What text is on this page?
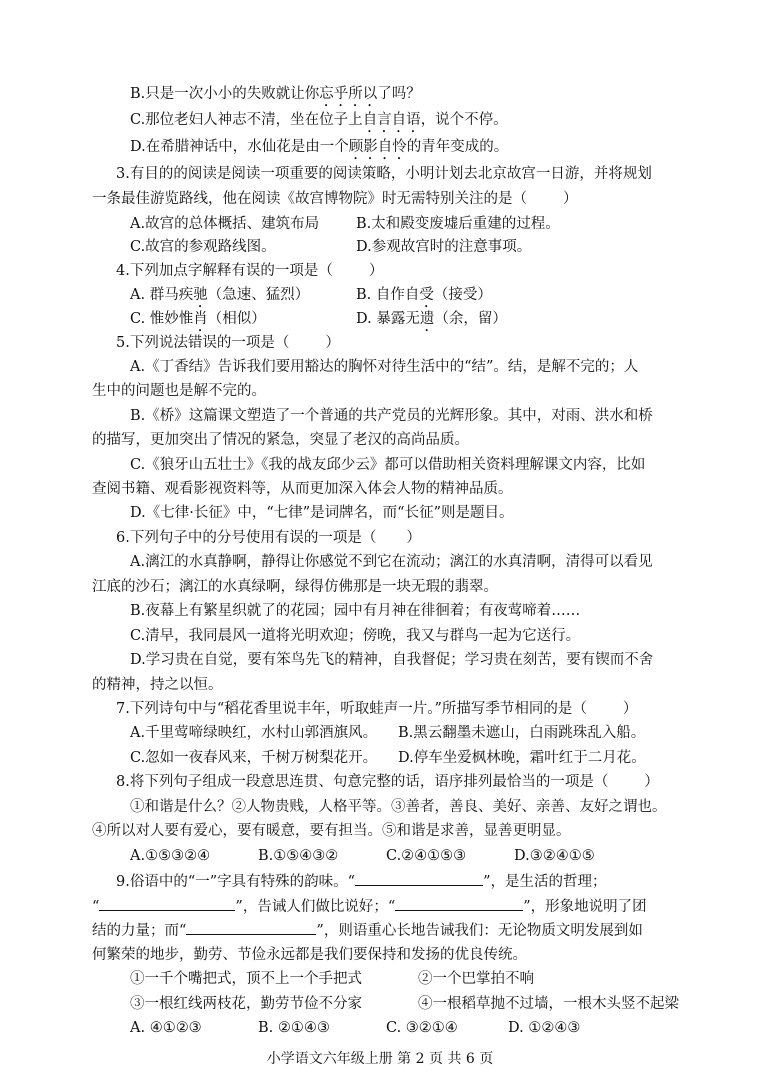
B.只是一次小小的失败就让你忘乎所以了吗？
C.那位老妇人神志不清，坐在位子上自言自语，说个不停。
D.在希腊神话中，水仙花是由一个顾影自怜的青年变成的。
3.有目的的阅读是阅读一项重要的阅读策略，小明计划去北京故宫一日游，并将规划
一条最佳游览路线，他在阅读《故宫博物院》时无需特别关注的是（ ）
A.故宫的总体概括、建筑布局	B.太和殿变废墟后重建的过程。
C.故宫的参观路线图。	D.参观故宫时的注意事项。
4.下列加点字解释有误的一项是（ ）
A. 群马疾驰（急速、猛烈）	B. 自作自受（接受）
C. 惟妙惟肖（相似）	D. 暴露无遗（余，留）
5.下列说法错误的一项是（ ）
A.《丁香结》告诉我们要用豁达的胸怀对待生活中的“结”。结，是解不完的；人
生中的问题也是解不完的。
B.《桥》这篇课文塑造了一个普通的共产党员的光辉形象。其中，对雨、洪水和桥
的描写，更加突出了情况的紧急，突显了老汉的高尚品质。
C.《狼牙山五壮士》《我的战友邱少云》都可以借助相关资料理解课文内容，比如
查阅书籍、观看影视资料等，从而更加深入体会人物的精神品质。
D.《七律·长征》中，“七律”是词牌名，而“长征”则是题目。
6.下列句子中的分号使用有误的一项是（ ）
A.漓江的水真静啊，静得让你感觉不到它在流动；漓江的水真清啊，清得可以看见
江底的沙石；漓江的水真绿啊，绿得仿佛那是一块无瑕的翡翠。
B.夜幕上有繁星织就了的花园；园中有月神在徘徊着；有夜莺啼着……
C.清早，我同晨风一道将光明欢迎；傍晚，我又与群鸟一起为它送行。
D.学习贵在自觉，要有笨鸟先飞的精神，自我督促；学习贵在刻苦，要有锲而不舍
的精神，持之以恒。
7.下列诗句中与“稻花香里说丰年，听取蛙声一片。”所描写季节相同的是（ ）
A.千里莺啼绿映红，水村山郭酒旗风。 B.黑云翻墨未遮山，白雨跳珠乱入船。
C.忽如一夜春风来，千树万树梨花开。 D.停车坐爱枫林晚，霜叶红于二月花。
8.将下列句子组成一段意思连贯、句意完整的话，语序排列最恰当的一项是（ ）
①和谐是什么？②人物贵贱，人格平等。③善者，善良、美好、亲善、友好之谓也。
④所以对人要有爱心，要有暖意，要有担当。⑤和谐是求善，显善更明显。
A.①⑤③②④	B.①⑤④③②	C.②④①⑤③	D.③②④①⑤
9.俗语中的“一”字具有特殊的韵味。“	”，是生活的哲理；
“	”，告诫人们做比说好；“	”，形象地说明了团
结的力量；而“	”，则语重心长地告诫我们：无论物质文明发展到如
何繁荣的地步，勤劳、节俭永远都是我们要保持和发扬的优良传统。
①一千个嘴把式，顶不上一个手把式	②一个巴掌拍不响
③一根红线两枝花，勤劳节俭不分家	④一根稻草抛不过墙，一根木头竖不起梁
小学语文六年级上册 第 2 页 共 6 页
A. ④①②③	B. ②①④③	C. ③②①④	D. ①②④③
